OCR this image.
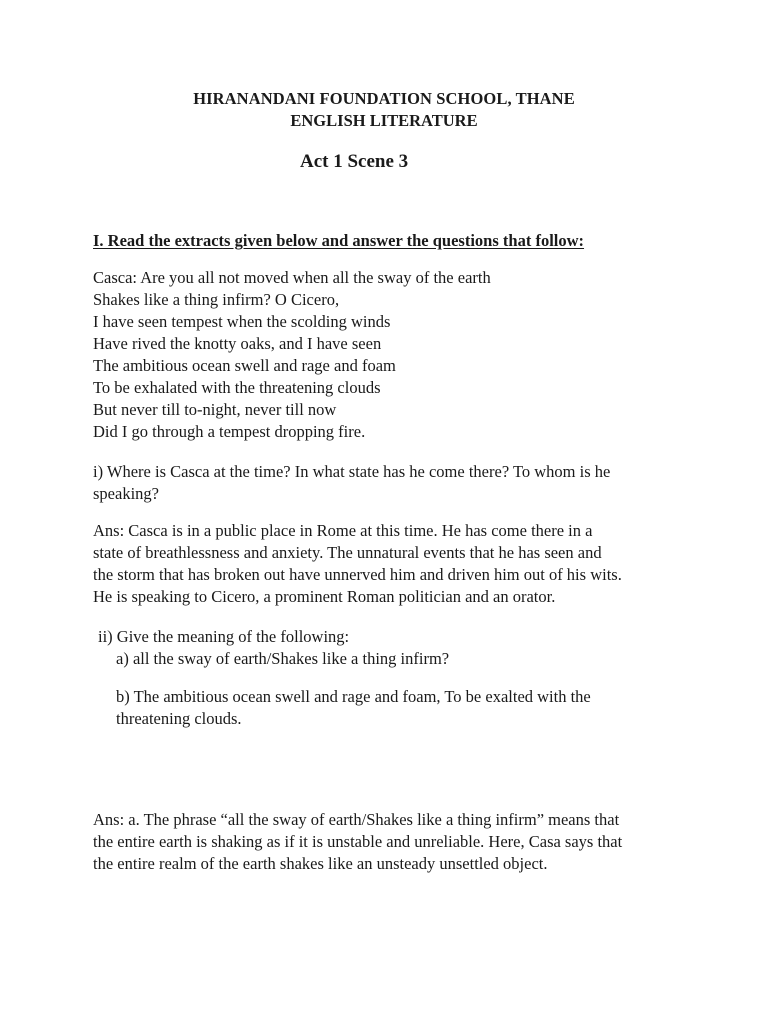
HIRANANDANI FOUNDATION SCHOOL, THANE
ENGLISH LITERATURE
Act 1 Scene 3
I. Read the extracts given below and answer the questions that follow:
Casca: Are you all not moved when all the sway of the earth
Shakes like a thing infirm? O Cicero,
I have seen tempest when the scolding winds
Have rived the knotty oaks, and I have seen
The ambitious ocean swell and rage and foam
To be exhalated with the threatening clouds
But never till to-night, never till now
Did I go through a tempest dropping fire.
i) Where is Casca at the time? In what state has he come there? To whom is he
speaking?
Ans: Casca is in a public place in Rome at this time. He has come there in a
state of breathlessness and anxiety. The unnatural events that he has seen and
the storm that has broken out have unnerved him and driven him out of his wits.
He is speaking to Cicero, a prominent Roman politician and an orator.
ii) Give the meaning of the following:
a) all the sway of earth/Shakes like a thing infirm?
b) The ambitious ocean swell and rage and foam, To be exalted with the
threatening clouds.
Ans: a. The phrase “all the sway of earth/Shakes like a thing infirm” means that
the entire earth is shaking as if it is unstable and unreliable. Here, Casa says that
the entire realm of the earth shakes like an unsteady unsettled object.
